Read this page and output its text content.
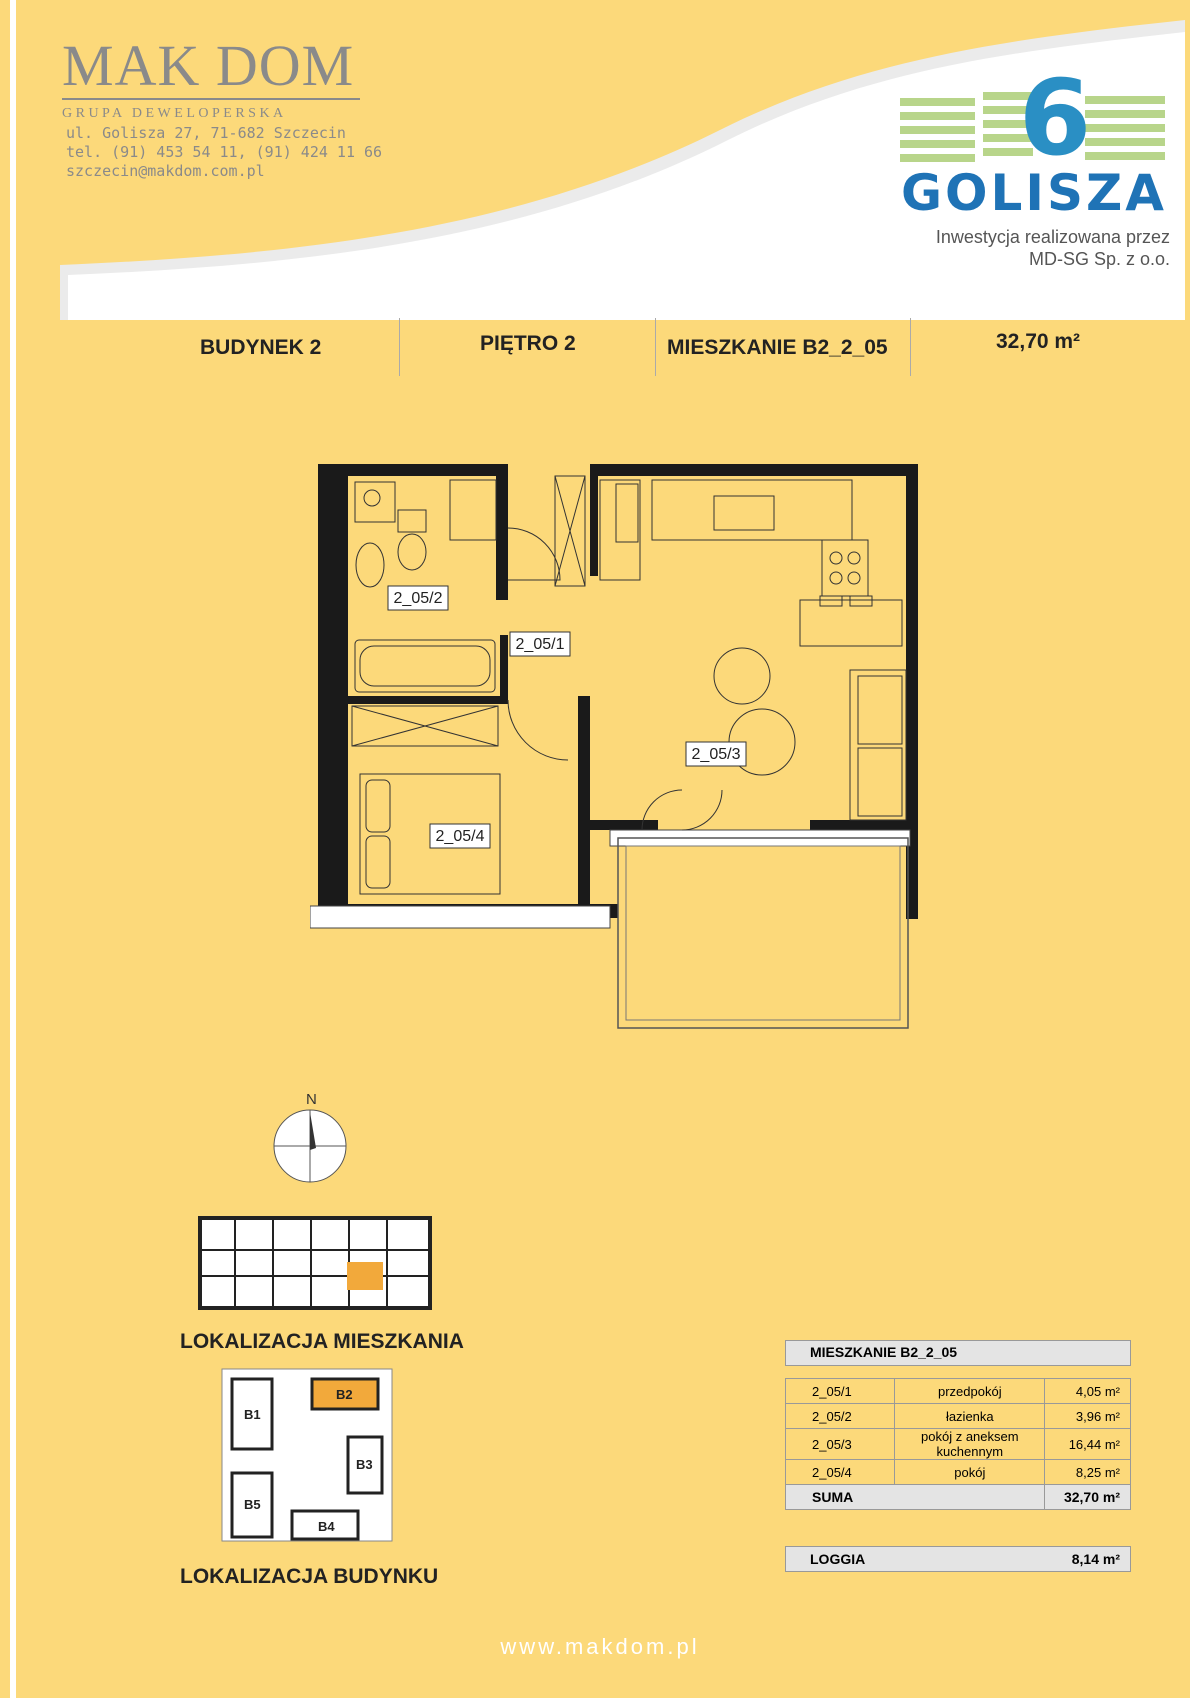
MAK DOM
GRUPA DEWELOPERSKA
ul. Golisza 27, 71-682 Szczecin
tel. (91) 453 54 11, (91) 424 11 66
szczecin@makdom.com.pl	6
GOLISZA
Inwestycja realizowana przez
MD-SG Sp. z o.o.
BUDYNEK 2	PIĘTRO 2	MIESZKANIE B2_2_05	32,70 m²
2_05/2
2_05/1
2_05/3
2_05/4
N
LOKALIZACJA MIESZKANIA
B1
B2
B3
B4
B5
LOKALIZACJA BUDYNKU
MIESZKANIE B2_2_05
2_05/1	przedpokój	4,05 m²
2_05/2	łazienka	3,96 m²
2_05/3	pokój z aneksem kuchennym	16,44 m²
2_05/4	pokój	8,25 m²
SUMA		32,70 m²
LOGGIA	8,14 m²
www.makdom.pl
